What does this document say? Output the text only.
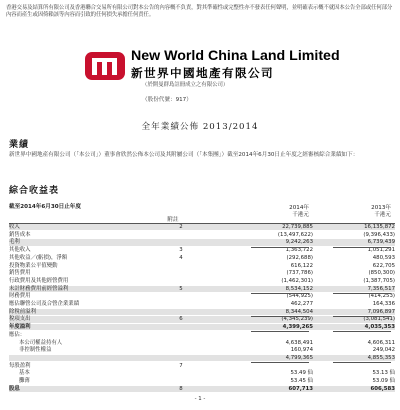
香港交易及結算所有限公司及香港聯合交易所有限公司對本公告的內容概不負責，對其準確性或完整性亦不發表任何聲明，並明確表示概不就因本公告全部或任何部分內容而產生或因倚賴該等內容而引致的任何損失承擔任何責任。
New World China Land Limited
新世界中國地產有限公司
（於開曼群島註冊成立之有限公司）
（股份代號：917）
全年業績公佈 2013/2014
業績
新世界中國地產有限公司（「本公司」）董事會欣然公佈本公司及其附屬公司（「本集團」）截至2014年6月30日止年度之經審核綜合業績如下：
綜合收益表
截至2014年6月30日止年度
附註
2014年
千港元
2013年
千港元
收入	2	22,739,885	16,135,872
銷售成本	(13,497,622)	(9,396,433)
毛利	9,242,263	6,739,439
其他收入	3	1,363,722	1,051,291
其他收益／(虧損)，淨額	4	(292,688)	480,593
投資物業公平值變動	616,122	622,705
銷售費用	(737,786)	(850,300)
行政費用及其他經營費用	(1,462,301)	(1,387,705)
未計財務費用前經營溢利	5	8,534,152	7,356,517
財務費用	(544,925)	(414,253)
應佔聯營公司及合營企業業績	462,277	164,336
除稅前溢利	8,344,504	7,096,897
稅項支出	6	(4,345,239)	(3,081,541)
年度溢利	4,399,265	4,035,353
應佔：
本公司權益持有人	4,638,491	4,606,311
非控制性權益	160,974	249,042
4,799,365	4,855,353
每股盈利	7
基本	53.49 仙	53.13 仙
攤薄	53.45 仙	53.09 仙
股息	8	607,713	606,583
- 1 -
